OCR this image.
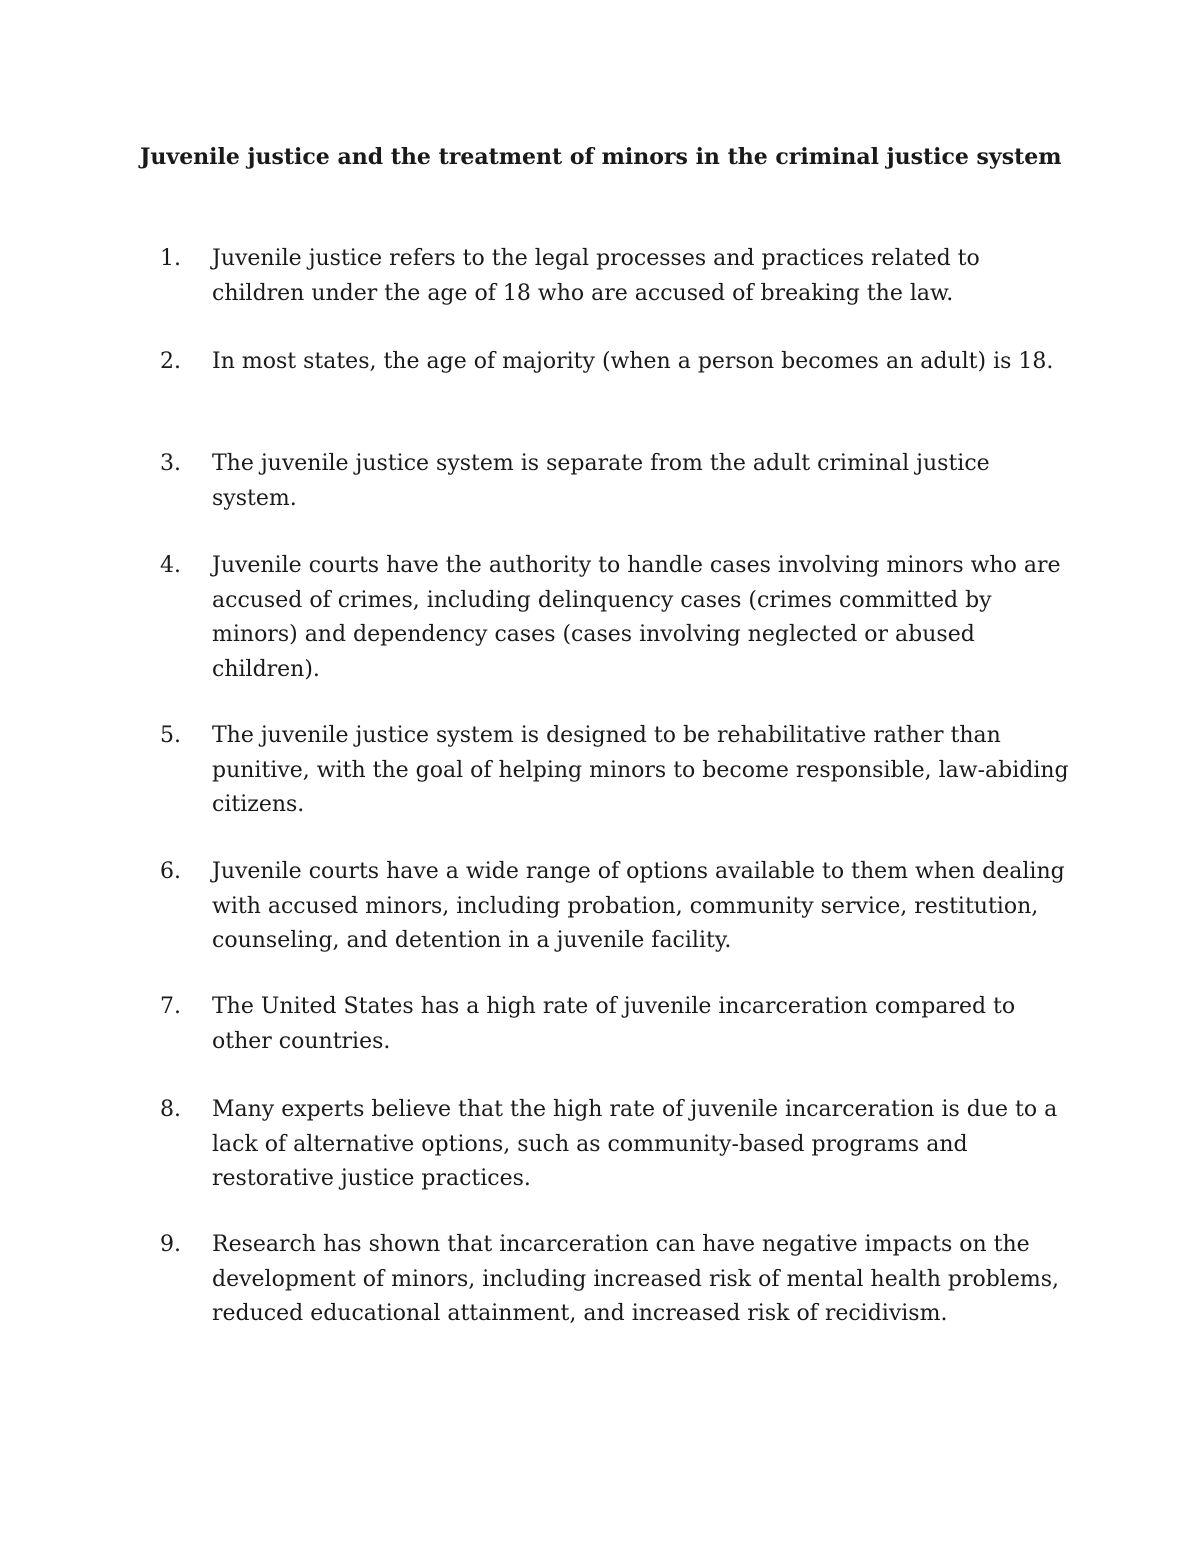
Juvenile justice and the treatment of minors in the criminal justice system
1.	Juvenile justice refers to the legal processes and practices related to children under the age of 18 who are accused of breaking the law.

2.	In most states, the age of majority (when a person becomes an adult) is 18.

3.	The juvenile justice system is separate from the adult criminal justice system.

4.	Juvenile courts have the authority to handle cases involving minors who are accused of crimes, including delinquency cases (crimes committed by minors) and dependency cases (cases involving neglected or abused children).

5.	The juvenile justice system is designed to be rehabilitative rather than punitive, with the goal of helping minors to become responsible, law-abiding citizens.

6.	Juvenile courts have a wide range of options available to them when dealing with accused minors, including probation, community service, restitution, counseling, and detention in a juvenile facility.

7.	The United States has a high rate of juvenile incarceration compared to other countries.

8.	Many experts believe that the high rate of juvenile incarceration is due to a lack of alternative options, such as community-based programs and restorative justice practices.

9.	Research has shown that incarceration can have negative impacts on the development of minors, including increased risk of mental health problems, reduced educational attainment, and increased risk of recidivism.
